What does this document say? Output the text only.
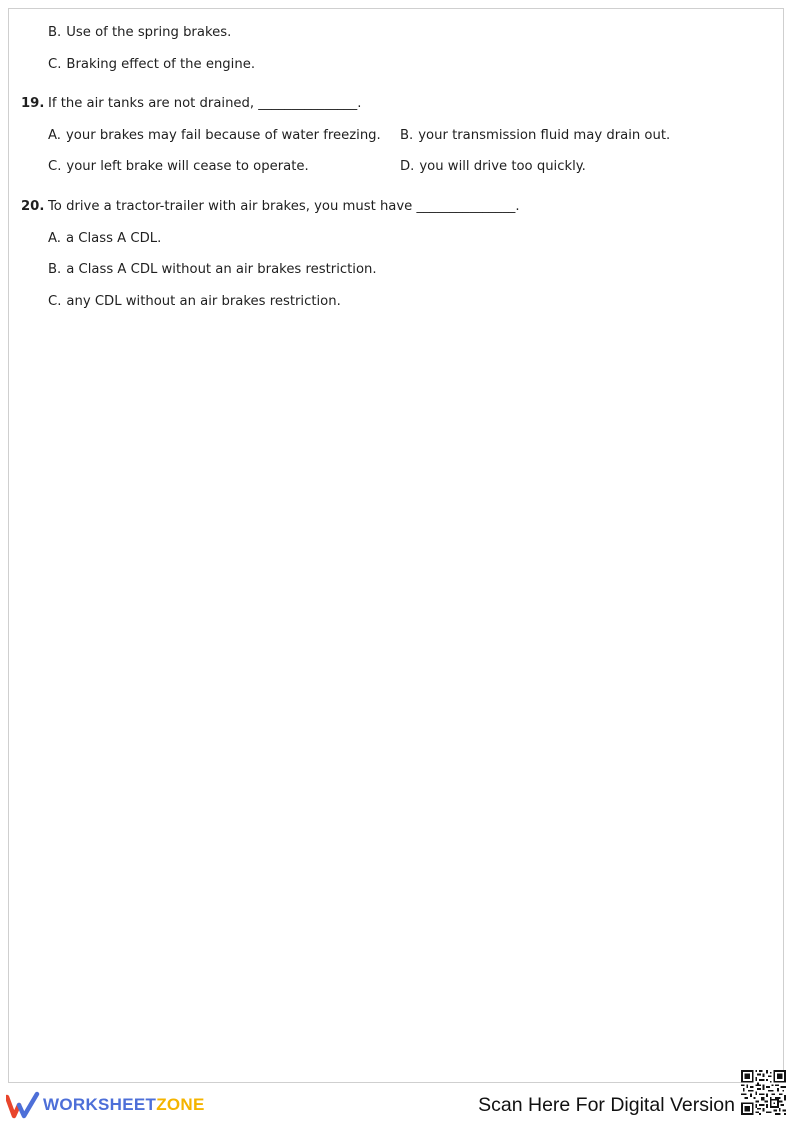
B. Use of the spring brakes.
C. Braking effect of the engine.
19. If the air tanks are not drained, _______________.
A. your brakes may fail because of water freezing. B. your transmission fluid may drain out.
C. your left brake will cease to operate.	D. you will drive too quickly.
20. To drive a tractor-trailer with air brakes, you must have _______________.
A. a Class A CDL.
B. a Class A CDL without an air brakes restriction.
C. any CDL without an air brakes restriction.
WORKSHEETZONE	Scan Here For Digital Version
